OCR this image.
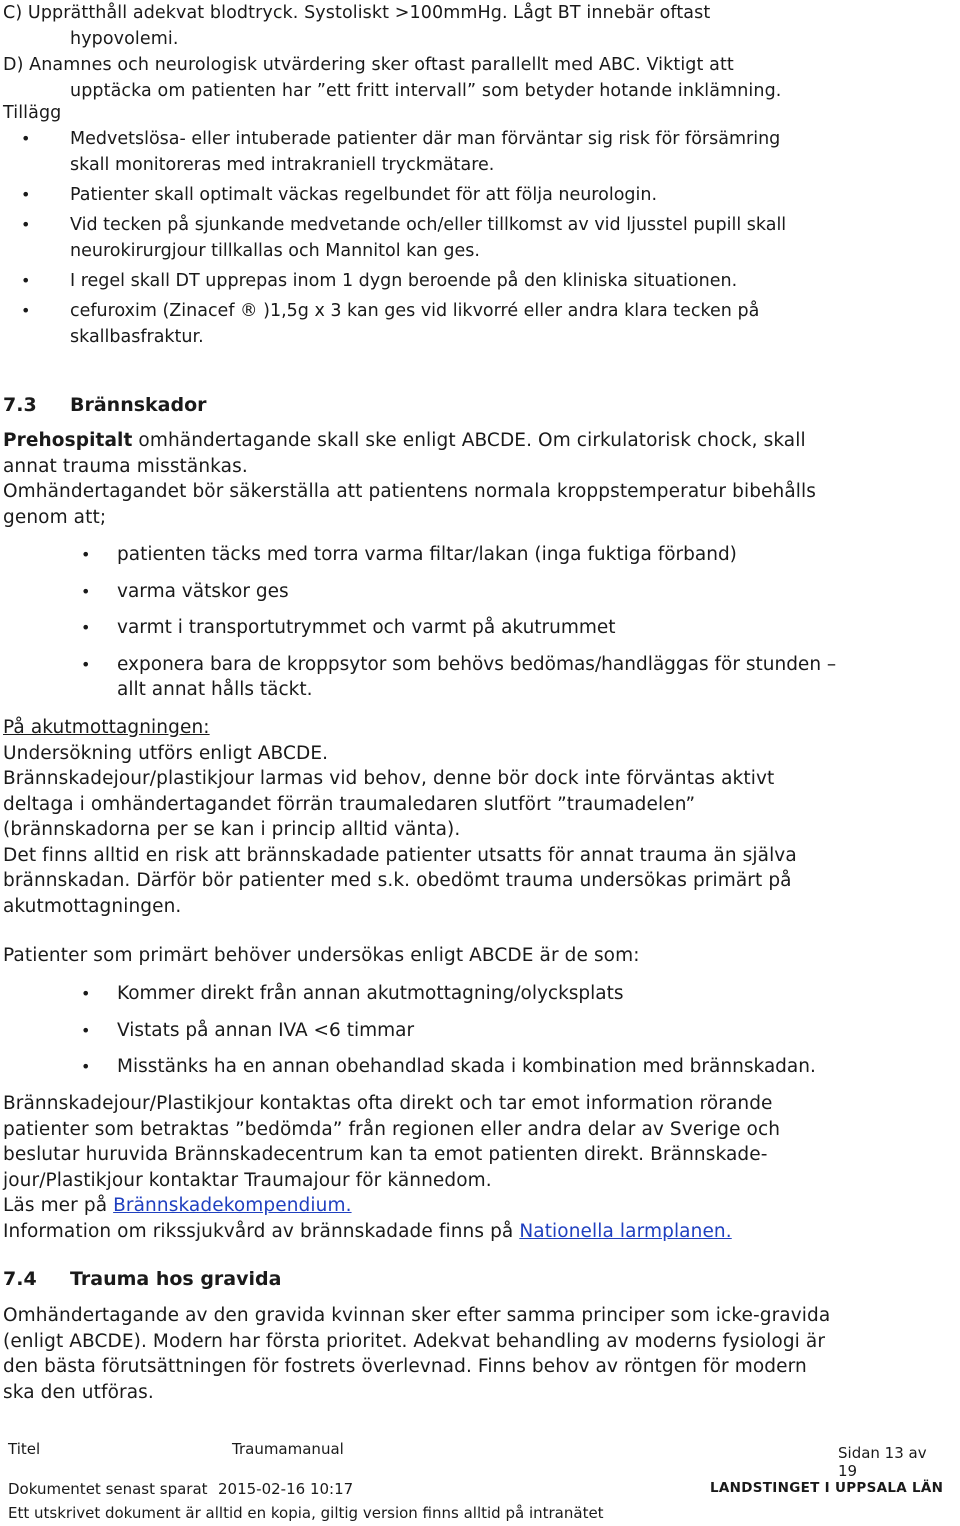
C) Upprätthåll adekvat blodtryck. Systoliskt >100mmHg. Lågt BT innebär oftast

hypovolemi.

D) Anamnes och neurologisk utvärdering sker oftast parallellt med ABC. Viktigt att

upptäcka om patienten har ”ett fritt intervall” som betyder hotande inklämning.

Tillägg

• Medvetslösa- eller intuberade patienter där man förväntar sig risk för försämring
skall monitoreras med intrakraniell tryckmätare.
• Patienter skall optimalt väckas regelbundet för att följa neurologin.
• Vid tecken på sjunkande medvetande och/eller tillkomst av vid ljusstel pupill skall
neurokirurgjour tillkallas och Mannitol kan ges.
• I regel skall DT upprepas inom 1 dygn beroende på den kliniska situationen.
• cefuroxim (Zinacef ® )1,5g x 3 kan ges vid likvorré eller andra klara tecken på
skallbasfraktur.

7.3 Brännskador

Prehospitalt omhändertagande skall ske enligt ABCDE. Om cirkulatorisk chock, skall

annat trauma misstänkas.

Omhändertagandet bör säkerställa att patientens normala kroppstemperatur bibehålls

genom att;

• patienten täcks med torra varma filtar/lakan (inga fuktiga förband)
• varma vätskor ges
• varmt i transportutrymmet och varmt på akutrummet
• exponera bara de kroppsytor som behövs bedömas/handläggas för stunden –
allt annat hålls täckt.

På akutmottagningen:

Undersökning utförs enligt ABCDE.

Brännskadejour/plastikjour larmas vid behov, denne bör dock inte förväntas aktivt

deltaga i omhändertagandet förrän traumaledaren slutfört ”traumadelen”

(brännskadorna per se kan i princip alltid vänta).

Det finns alltid en risk att brännskadade patienter utsatts för annat trauma än själva

brännskadan. Därför bör patienter med s.k. obedömt trauma undersökas primärt på

akutmottagningen.

Patienter som primärt behöver undersökas enligt ABCDE är de som:

• Kommer direkt från annan akutmottagning/olycksplats
• Vistats på annan IVA <6 timmar
• Misstänks ha en annan obehandlad skada i kombination med brännskadan.

Brännskadejour/Plastikjour kontaktas ofta direkt och tar emot information rörande

patienter som betraktas ”bedömda” från regionen eller andra delar av Sverige och

beslutar huruvida Brännskadecentrum kan ta emot patienten direkt. Brännskade-

jour/Plastikjour kontaktar Traumajour för kännedom.

Läs mer på Brännskadekompendium.

Information om rikssjukvård av brännskadade finns på Nationella larmplanen.

7.4 Trauma hos gravida

Omhändertagande av den gravida kvinnan sker efter samma principer som icke-gravida

(enligt ABCDE). Modern har första prioritet. Adekvat behandling av moderns fysiologi är

den bästa förutsättningen för fostrets överlevnad. Finns behov av röntgen för modern

ska den utföras.

Titel	Traumamanual	Sidan 13 av
19
Dokumentet senast sparat 2015-02-16 10:17	LANDSTINGET I UPPSALA LÄN
Ett utskrivet dokument är alltid en kopia, giltig version finns alltid på intranätet
